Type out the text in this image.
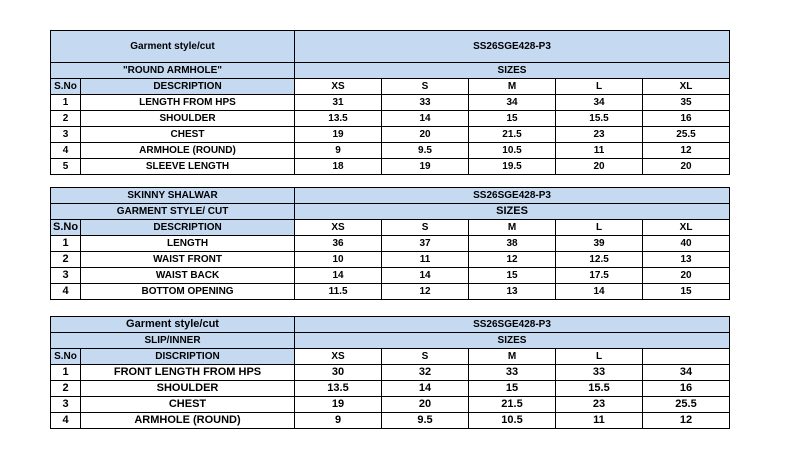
Garment style/cut		SS26SGE428-P3				
"ROUND ARMHOLE"		SIZES				
S.No	DESCRIPTION	XS	S	M	L	XL
1	LENGTH FROM HPS	31	33	34	34	35
2	SHOULDER	13.5	14	15	15.5	16
3	CHEST	19	20	21.5	23	25.5
4	ARMHOLE (ROUND)	9	9.5	10.5	11	12
5	SLEEVE LENGTH	18	19	19.5	20	20
SKINNY SHALWAR		SS26SGE428-P3				
GARMENT STYLE/ CUT		SIZES				
S.No	DESCRIPTION	XS	S	M	L	XL
1	LENGTH	36	37	38	39	40
2	WAIST FRONT	10	11	12	12.5	13
3	WAIST BACK	14	14	15	17.5	20
4	BOTTOM OPENING	11.5	12	13	14	15
Garment style/cut		SS26SGE428-P3				
SLIP/INNER		SIZES				
S.No	DISCRIPTION	XS	S	M	L	
1	FRONT LENGTH FROM HPS	30	32	33	33	34
2	SHOULDER	13.5	14	15	15.5	16
3	CHEST	19	20	21.5	23	25.5
4	ARMHOLE (ROUND)	9	9.5	10.5	11	12
